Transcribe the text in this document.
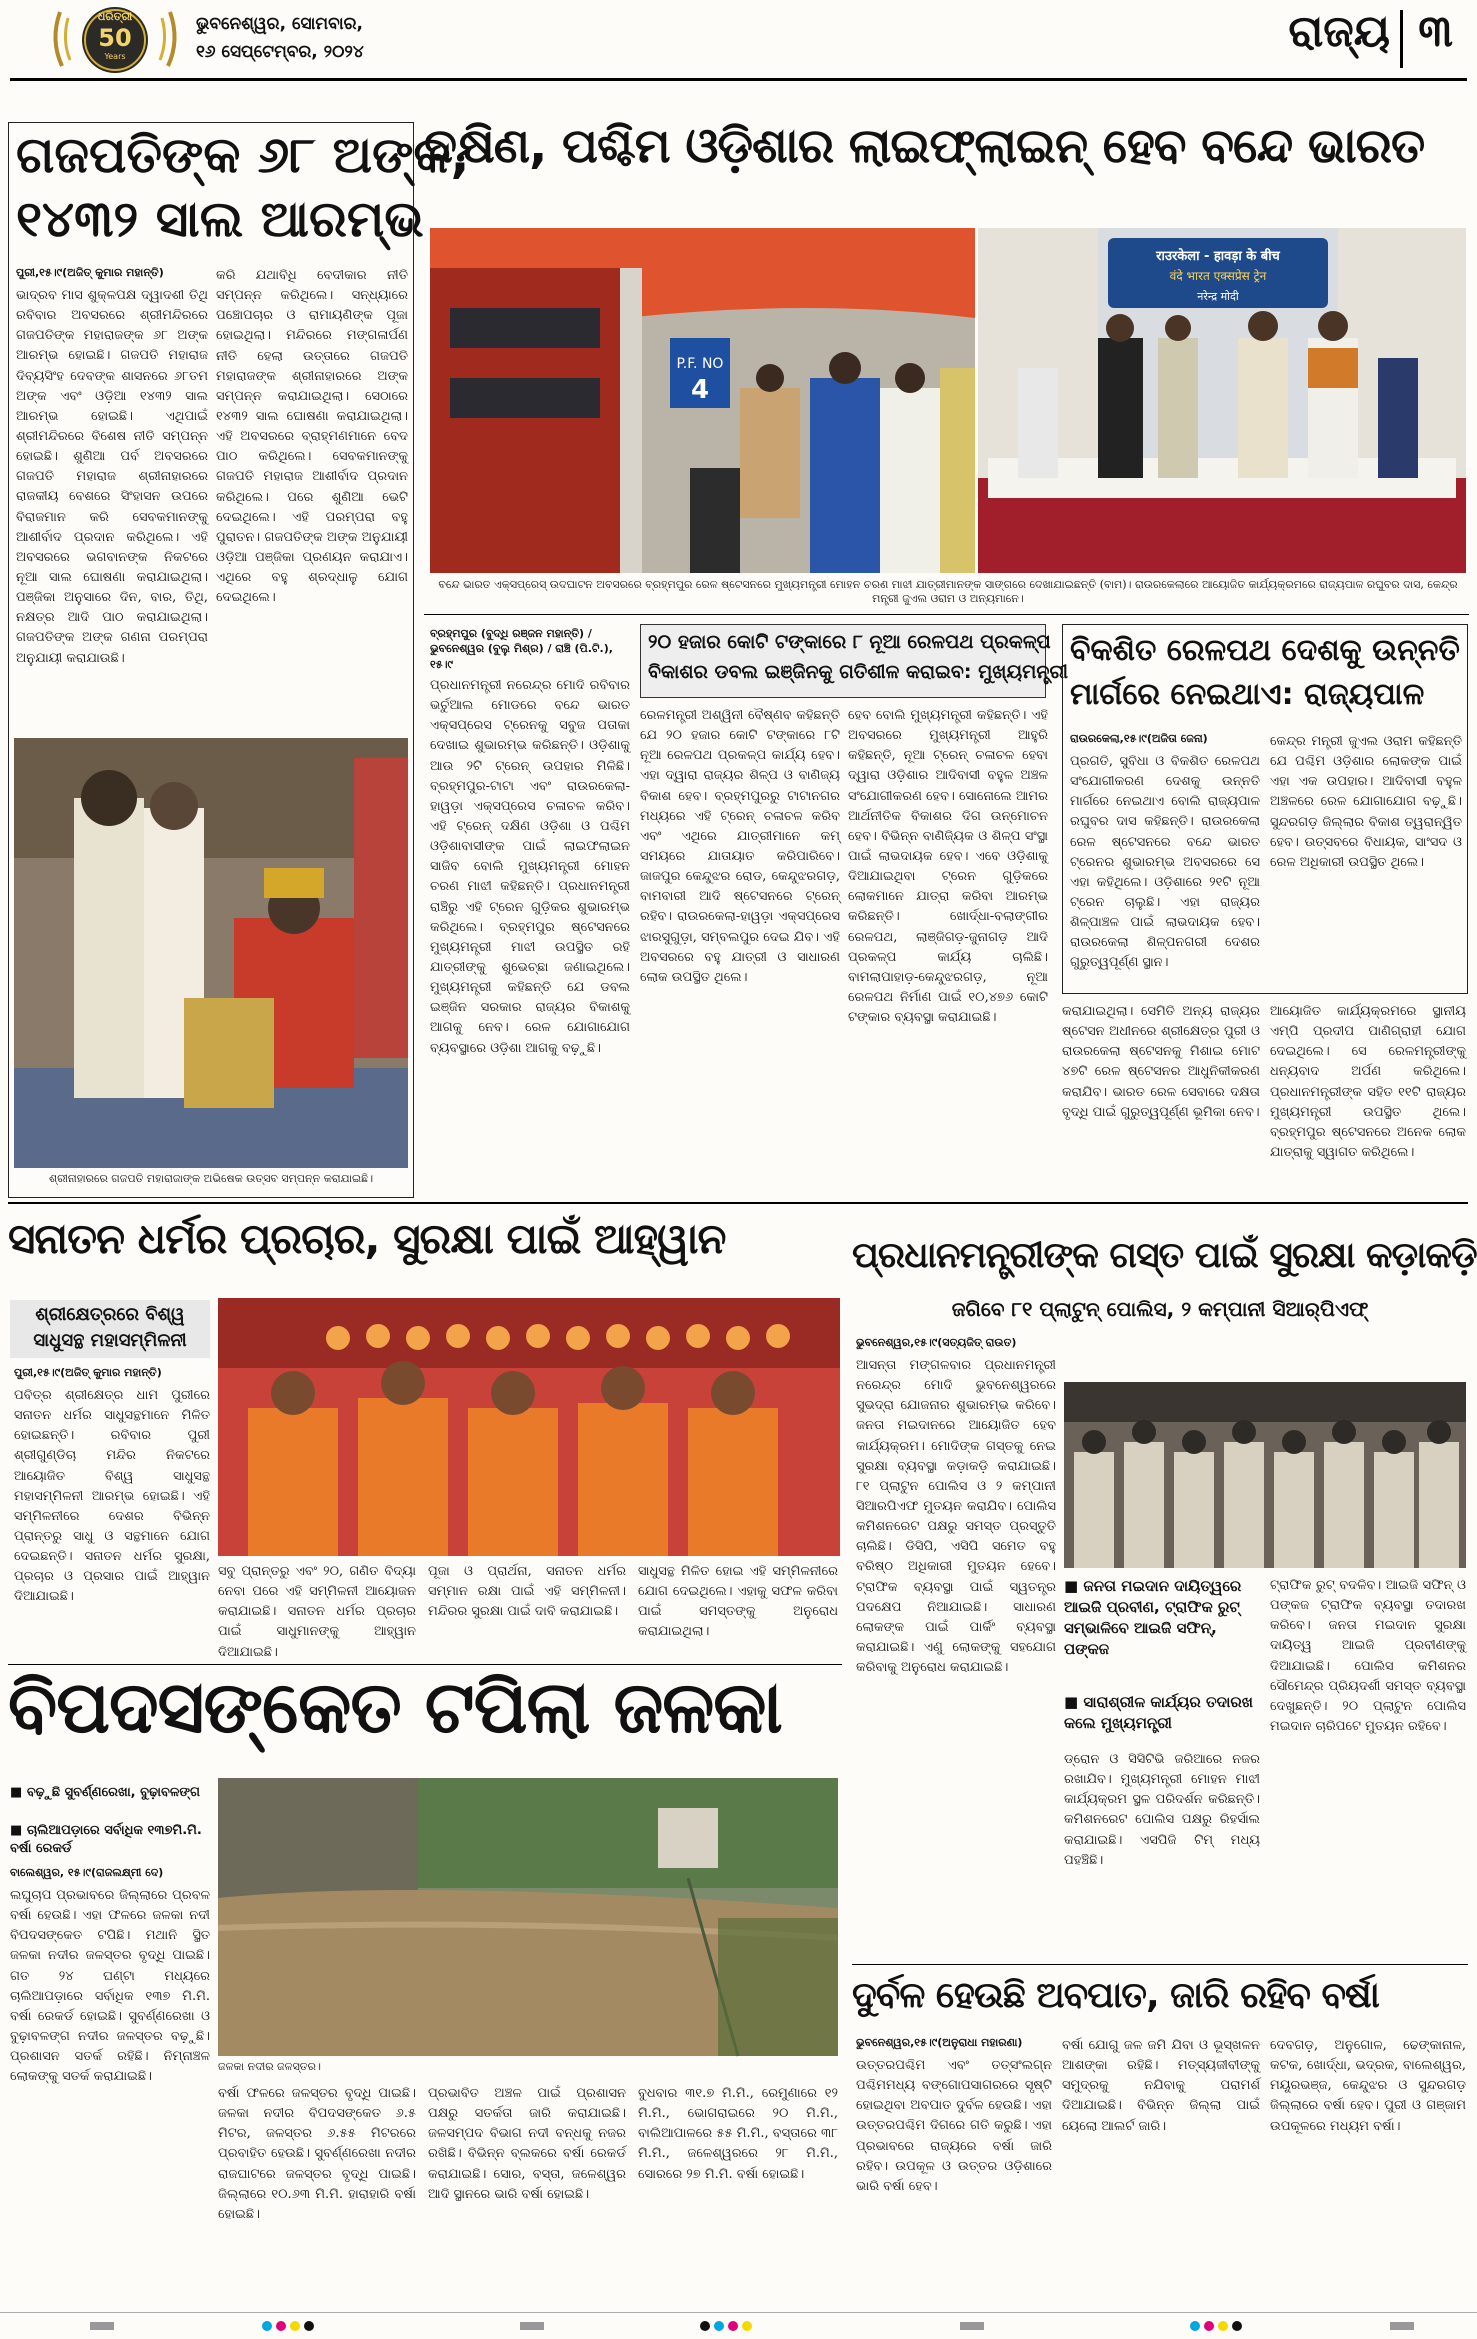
ଧରିତ୍ରୀ
50
Years
ଭୁବନେଶ୍ୱର, ସୋମବାର,
୧୬ ସେପ୍ଟେମ୍ବର, ୨୦୨୪	ରାଜ୍ୟ ୩
ଗଜପତିଙ୍କ ୬୮ ଅଙ୍କ,
୧୪୩୨ ସାଲ ଆରମ୍ଭ
ପୁରୀ,୧୫।୯(ଅଜିତ୍ କୁମାର ମହାନ୍ତି)
ଭାଦ୍ରବ ମାସ ଶୁକ୍ଳପକ୍ଷ ଦ୍ୱାଦଶୀ ତିଥି ରବିବାର ଅବସରରେ ଶ୍ରୀମନ୍ଦିରରେ ଗଜପତିଙ୍କ ମହାରାଜଙ୍କ ୬୮ ଅଙ୍କ ଆରମ୍ଭ ହୋଇଛି। ଗଜପତି ମହାରାଜ ଦିବ୍ୟସିଂହ ଦେବଙ୍କ ଶାସନରେ ୬୮ତମ ଅଙ୍କ ଏବଂ ଓଡ଼ିଆ ୧୪୩୨ ସାଲ ଆରମ୍ଭ ହୋଇଛି। ଏଥିପାଇଁ ଶ୍ରୀମନ୍ଦିରରେ ବିଶେଷ ନୀତି ସମ୍ପନ୍ନ ହୋଇଛି। ଶୁଣିଆ ପର୍ବ ଅବସରରେ ଗଜପତି ମହାରାଜ ଶ୍ରୀନାହାରରେ ରାଜକୀୟ ବେଶରେ ସିଂହାସନ ଉପରେ ବିରାଜମାନ କରି ସେବକମାନଙ୍କୁ ଆଶୀର୍ବାଦ ପ୍ରଦାନ କରିଥିଲେ। ଏହି ଅବସରରେ ଭଗବାନଙ୍କ ନିକଟରେ ନୂଆ ସାଲ ଘୋଷଣା କରାଯାଇଥିଲା। ପଞ୍ଜିକା ଅନୁସାରେ ଦିନ, ବାର, ତିଥି, ନକ୍ଷତ୍ର ଆଦି ପାଠ କରାଯାଇଥିଲା। ଗଜପତିଙ୍କ ଅଙ୍କ ଗଣନା ପରମ୍ପରା ଅନୁଯାୟୀ କରାଯାଉଛି।
କରି ଯଥାବିଧି ବେଦୀକାର ନୀତି ସମ୍ପନ୍ନ କରିଥିଲେ। ସନ୍ଧ୍ୟାରେ ପଞ୍ଚୋପଚାର ଓ ରାମାୟଣିଙ୍କ ପୂଜା ହୋଇଥିଲା। ମନ୍ଦିରରେ ମଙ୍ଗଳାର୍ପଣ ନୀତି ହେଲା ଉତ୍ତାରେ ଗଜପତି ମହାରାଜଙ୍କ ଶ୍ରୀନାହାରରେ ଅଙ୍କ ସମ୍ପନ୍ନ କରାଯାଇଥିଲା। ସେଠାରେ ୧୪୩୨ ସାଲ ଘୋଷଣା କରାଯାଇଥିଲା। ଏହି ଅବସରରେ ବ୍ରାହ୍ମଣମାନେ ବେଦ ପାଠ କରିଥିଲେ। ସେବକମାନଙ୍କୁ ଗଜପତି ମହାରାଜ ଆଶୀର୍ବାଦ ପ୍ରଦାନ କରିଥିଲେ। ପରେ ଶୁଣିଆ ଭେଟି ଦେଇଥିଲେ। ଏହି ପରମ୍ପରା ବହୁ ପୁରାତନ। ଗଜପତିଙ୍କ ଅଙ୍କ ଅନୁଯାୟୀ ଓଡ଼ିଆ ପଞ୍ଜିକା ପ୍ରଣୟନ କରାଯାଏ। ଏଥିରେ ବହୁ ଶ୍ରଦ୍ଧାଳୁ ଯୋଗ ଦେଇଥିଲେ।
ଶ୍ରୀନାହାରରେ ଗଜପତି ମହାରାଜାଙ୍କ ଅଭିଷେକ ଉତ୍ସବ ସମ୍ପନ୍ନ କରାଯାଇଛି।
ଦକ୍ଷିଣ, ପଶ୍ଚିମ ଓଡ଼ିଶାର ଲାଇଫ୍‌ଲାଇନ୍ ହେବ ବନ୍ଦେ ଭାରତ
P.F. NO
4
राउरकेला - हावड़ा के बीच
वंदे भारत एक्सप्रेस ट्रेन
नरेन्द्र मोदी
ବନ୍ଦେ ଭାରତ ଏକ୍ସପ୍ରେସ୍ ଉଦଘାଟନ ଅବସରରେ ବ୍ରହ୍ମପୁର ରେଳ ଷ୍ଟେସନରେ ମୁଖ୍ୟମନ୍ତ୍ରୀ ମୋହନ ଚରଣ ମାଝୀ ଯାତ୍ରୀମାନଙ୍କ ସାଙ୍ଗରେ ଦେଖାଯାଇଛନ୍ତି (ବାମ)। ରାଉରକେଲାରେ ଆୟୋଜିତ କାର୍ଯ୍ୟକ୍ରମରେ ରାଜ୍ୟପାଳ ରଘୁବର ଦାସ, କେନ୍ଦ୍ର ମନ୍ତ୍ରୀ ଜୁଏଲ ଓରାମ ଓ ଅନ୍ୟମାନେ।
ବ୍ରହ୍ମପୁର (ବୁଦ୍ଧି ରଞ୍ଜନ ମହାନ୍ତି) / ଭୁବନେଶ୍ୱର (ବୁଲୁ ମିଶ୍ର) / ରାଞ୍ଚି (ପି.ଟି.), ୧୫।୯
୨୦ ହଜାର କୋଟି ଟଙ୍କାରେ ୮ ନୂଆ ରେଳପଥ ପ୍ରକଳ୍ପ
ବିକାଶର ଡବଲ ଇଞ୍ଜିନକୁ ଗତିଶୀଳ କରାଇବ: ମୁଖ୍ୟମନ୍ତ୍ରୀ
ପ୍ରଧାନମନ୍ତ୍ରୀ ନରେନ୍ଦ୍ର ମୋଦି ରବିବାର ଭର୍ଚୁଆଲ ମୋଡରେ ବନ୍ଦେ ଭାରତ ଏକ୍ସପ୍ରେସ ଟ୍ରେନକୁ ସବୁଜ ପତାକା ଦେଖାଇ ଶୁଭାରମ୍ଭ କରିଛନ୍ତି। ଓଡ଼ିଶାକୁ ଆଉ ୨ଟି ଟ୍ରେନ୍ ଉପହାର ମିଳିଛି। ବ୍ରହ୍ମପୁର-ଟାଟା ଏବଂ ରାଉରକେଲା-ହାୱଡ଼ା ଏକ୍ସପ୍ରେସ ଚଳାଚଳ କରିବ। ଏହି ଟ୍ରେନ୍ ଦକ୍ଷିଣ ଓଡ଼ିଶା ଓ ପଶ୍ଚିମ ଓଡ଼ିଶାବାସୀଙ୍କ ପାଇଁ ଲାଇଫଲାଇନ ସାଜିବ ବୋଲି ମୁଖ୍ୟମନ୍ତ୍ରୀ ମୋହନ ଚରଣ ମାଝୀ କହିଛନ୍ତି। ପ୍ରଧାନମନ୍ତ୍ରୀ ରାଞ୍ଚିରୁ ଏହି ଟ୍ରେନ ଗୁଡ଼ିକର ଶୁଭାରମ୍ଭ କରିଥିଲେ। ବ୍ରହ୍ମପୁର ଷ୍ଟେସନରେ ମୁଖ୍ୟମନ୍ତ୍ରୀ ମାଝୀ ଉପସ୍ଥିତ ରହି ଯାତ୍ରୀଙ୍କୁ ଶୁଭେଚ୍ଛା ଜଣାଇଥିଲେ। ମୁଖ୍ୟମନ୍ତ୍ରୀ କହିଛନ୍ତି ଯେ ଡବଲ ଇଞ୍ଜିନ ସରକାର ରାଜ୍ୟର ବିକାଶକୁ ଆଗକୁ ନେବ। ରେଳ ଯୋଗାଯୋଗ ବ୍ୟବସ୍ଥାରେ ଓଡ଼ିଶା ଆଗକୁ ବଢ଼ୁଛି।
ରେଳମନ୍ତ୍ରୀ ଅଶ୍ୱିନୀ ବୈଷ୍ଣବ କହିଛନ୍ତି ଯେ ୨୦ ହଜାର କୋଟି ଟଙ୍କାରେ ୮ଟି ନୂଆ ରେଳପଥ ପ୍ରକଳ୍ପ କାର୍ଯ୍ୟ ହେବ। ଏହା ଦ୍ୱାରା ରାଜ୍ୟର ଶିଳ୍ପ ଓ ବାଣିଜ୍ୟ ବିକାଶ ହେବ। ବ୍ରହ୍ମପୁରରୁ ଟାଟାନଗର ମଧ୍ୟରେ ଏହି ଟ୍ରେନ୍ ଚଳାଚଳ କରିବ ଏବଂ ଏଥିରେ ଯାତ୍ରୀମାନେ କମ୍ ସମୟରେ ଯାତାୟାତ କରିପାରିବେ। ଜାଜପୁର କେନ୍ଦୁଝର ରୋଡ, କେନ୍ଦୁଝରଗଡ଼, ବାମବାରୀ ଆଦି ଷ୍ଟେସନରେ ଟ୍ରେନ୍ ରହିବ। ରାଉରକେଲା-ହାୱଡ଼ା ଏକ୍ସପ୍ରେସ ଝାରସୁଗୁଡ଼ା, ସମ୍ବଲପୁର ଦେଇ ଯିବ। ଏହି ଅବସରରେ ବହୁ ଯାତ୍ରୀ ଓ ସାଧାରଣ ଲୋକ ଉପସ୍ଥିତ ଥିଲେ।
ହେବ ବୋଲି ମୁଖ୍ୟମନ୍ତ୍ରୀ କହିଛନ୍ତି। ଏହି ଅବସରରେ ମୁଖ୍ୟମନ୍ତ୍ରୀ ଆହୁରି କହିଛନ୍ତି, ନୂଆ ଟ୍ରେନ୍ ଚଳାଚଳ ହେବା ଦ୍ୱାରା ଓଡ଼ିଶାର ଆଦିବାସୀ ବହୁଳ ଅଞ୍ଚଳ ସଂଯୋଗୀକରଣ ହେବ। ସୋନୋଲେ ଆମର ଆର୍ଥନୀତିକ ବିକାଶର ଦିଗ ଉନ୍ମୋଚନ ହେବ। ବିଭିନ୍ନ ବାଣିଜ୍ୟିକ ଓ ଶିଳ୍ପ ସଂସ୍ଥା ପାଇଁ ଲାଭଦାୟକ ହେବ। ଏବେ ଓଡ଼ିଶାକୁ ଦିଆଯାଇଥିବା ଟ୍ରେନ ଗୁଡ଼ିକରେ ଲୋକମାନେ ଯାତ୍ରା କରିବା ଆରମ୍ଭ କରିଛନ୍ତି। ଖୋର୍ଦ୍ଧା-ବଲାଙ୍ଗୀର ରେଳପଥ, ଲାଞ୍ଜିଗଡ଼-ଜୁନାଗଡ଼ ଆଦି ପ୍ରକଳ୍ପ କାର୍ଯ୍ୟ ଚାଲିଛି। ବାମଲାପାହାଡ଼-କେନ୍ଦୁଝରଗଡ଼, ନୂଆ ରେଳପଥ ନିର୍ମାଣ ପାଇଁ ୧୦,୪୭୬ କୋଟି ଟଙ୍କାର ବ୍ୟବସ୍ଥା କରାଯାଇଛି।
ବିକଶିତ ରେଳପଥ ଦେଶକୁ ଉନ୍ନତି
ମାର୍ଗରେ ନେଇଥାଏ: ରାଜ୍ୟପାଳ
ରାଉରକେଲା,୧୫।୯(ଅଜିତା ଜେନା)
ପ୍ରଗତି, ସୁବିଧା ଓ ବିକଶିତ ରେଳପଥ ସଂଯୋଗୀକରଣ ଦେଶକୁ ଉନ୍ନତି ମାର୍ଗରେ ନେଇଥାଏ ବୋଲି ରାଜ୍ୟପାଳ ରଘୁବର ଦାସ କହିଛନ୍ତି। ରାଉରକେଲା ରେଳ ଷ୍ଟେସନରେ ବନ୍ଦେ ଭାରତ ଟ୍ରେନର ଶୁଭାରମ୍ଭ ଅବସରରେ ସେ ଏହା କହିଥିଲେ। ଓଡ଼ିଶାରେ ୨୧ଟି ନୂଆ ଟ୍ରେନ ଚାଲୁଛି। ଏହା ରାଜ୍ୟର ଶିଳ୍ପାଞ୍ଚଳ ପାଇଁ ଲାଭଦାୟକ ହେବ। ରାଉରକେଲା ଶିଳ୍ପନଗରୀ ଦେଶର ଗୁରୁତ୍ୱପୂର୍ଣ୍ଣ ସ୍ଥାନ।
କେନ୍ଦ୍ର ମନ୍ତ୍ରୀ ଜୁଏଲ ଓରାମ କହିଛନ୍ତି ଯେ ପଶ୍ଚିମ ଓଡ଼ିଶାର ଲୋକଙ୍କ ପାଇଁ ଏହା ଏକ ଉପହାର। ଆଦିବାସୀ ବହୁଳ ଅଞ୍ଚଳରେ ରେଳ ଯୋଗାଯୋଗ ବଢ଼ୁଛି। ସୁନ୍ଦରଗଡ଼ ଜିଲ୍ଲାର ବିକାଶ ତ୍ୱରାନ୍ୱିତ ହେବ। ଉତ୍ସବରେ ବିଧାୟକ, ସାଂସଦ ଓ ରେଳ ଅଧିକାରୀ ଉପସ୍ଥିତ ଥିଲେ।
କରାଯାଇଥିଲା। ସେମିତି ଅନ୍ୟ ରାଜ୍ୟର ଷ୍ଟେସନ ଅଧୀନରେ ଶ୍ରୀକ୍ଷେତ୍ର ପୁରୀ ଓ ରାଉରକେଲା ଷ୍ଟେସନକୁ ମିଶାଇ ମୋଟ ୪୭ଟି ରେଳ ଷ୍ଟେସନର ଆଧୁନିକୀକରଣ କରାଯିବ। ଭାରତ ରେଳ ସେବାରେ ଦକ୍ଷତା ବୃଦ୍ଧି ପାଇଁ ଗୁରୁତ୍ୱପୂର୍ଣ୍ଣ ଭୂମିକା ନେବ।
ଆୟୋଜିତ କାର୍ଯ୍ୟକ୍ରମରେ ସ୍ଥାନୀୟ ଏମ୍‌ପି ପ୍ରଦୀପ ପାଣିଗ୍ରାହୀ ଯୋଗ ଦେଇଥିଲେ। ସେ ରେଳମନ୍ତ୍ରୀଙ୍କୁ ଧନ୍ୟବାଦ ଅର୍ପଣ କରିଥିଲେ। ପ୍ରଧାନମନ୍ତ୍ରୀଙ୍କ ସହିତ ୧୧ଟି ରାଜ୍ୟର ମୁଖ୍ୟମନ୍ତ୍ରୀ ଉପସ୍ଥିତ ଥିଲେ। ବ୍ରହ୍ମପୁର ଷ୍ଟେସନରେ ଅନେକ ଲୋକ ଯାତ୍ରାକୁ ସ୍ୱାଗତ କରିଥିଲେ।
ସନାତନ ଧର୍ମର ପ୍ରଚାର, ସୁରକ୍ଷା ପାଇଁ ଆହ୍ୱାନ
ଶ୍ରୀକ୍ଷେତ୍ରରେ ବିଶ୍ୱ
ସାଧୁସନ୍ଥ ମହାସମ୍ମିଳନୀ
ପୁରୀ,୧୫।୯(ଅଜିତ୍ କୁମାର ମହାନ୍ତି)
ପବିତ୍ର ଶ୍ରୀକ୍ଷେତ୍ର ଧାମ ପୁରୀରେ ସନାତନ ଧର୍ମର ସାଧୁସନ୍ଥମାନେ ମିଳିତ ହୋଇଛନ୍ତି। ରବିବାର ପୁରୀ ଶ୍ରୀଗୁଣ୍ଡିଚା ମନ୍ଦିର ନିକଟରେ ଆୟୋଜିତ ବିଶ୍ୱ ସାଧୁସନ୍ଥ ମହାସମ୍ମିଳନୀ ଆରମ୍ଭ ହୋଇଛି। ଏହି ସମ୍ମିଳନୀରେ ଦେଶର ବିଭିନ୍ନ ପ୍ରାନ୍ତରୁ ସାଧୁ ଓ ସନ୍ଥମାନେ ଯୋଗ ଦେଇଛନ୍ତି। ସନାତନ ଧର୍ମର ସୁରକ୍ଷା, ପ୍ରଚାର ଓ ପ୍ରସାର ପାଇଁ ଆହ୍ୱାନ ଦିଆଯାଇଛି।
ସବୁ ପ୍ରାନ୍ତରୁ ଏବଂ ୨୦, ଗଣିତ ବିଦ୍ୟା ନେବା ପରେ ଏହି ସମ୍ମିଳନୀ ଆୟୋଜନ କରାଯାଇଛି। ସନାତନ ଧର୍ମର ପ୍ରଚାର ପାଇଁ ସାଧୁମାନଙ୍କୁ ଆହ୍ୱାନ ଦିଆଯାଇଛି।
ପୂଜା ଓ ପ୍ରାର୍ଥନା, ସନାତନ ଧର୍ମର ସମ୍ମାନ ରକ୍ଷା ପାଇଁ ଏହି ସମ୍ମିଳନୀ। ମନ୍ଦିରର ସୁରକ୍ଷା ପାଇଁ ଦାବି କରାଯାଇଛି।
ସାଧୁସନ୍ଥ ମିଳିତ ହୋଇ ଏହି ସମ୍ମିଳନୀରେ ଯୋଗ ଦେଇଥିଲେ। ଏହାକୁ ସଫଳ କରିବା ପାଇଁ ସମସ୍ତଙ୍କୁ ଅନୁରୋଧ କରାଯାଇଥିଲା।
ପ୍ରଧାନମନ୍ତ୍ରୀଙ୍କ ଗସ୍ତ ପାଇଁ ସୁରକ୍ଷା କଡ଼ାକଡ଼ି
ଜଗିବେ ୮୧ ପ୍ଲାଟୁନ୍ ପୋଲିସ, ୨ କମ୍ପାନୀ ସିଆର୍‌ପିଏଫ୍
ଭୁବନେଶ୍ୱର,୧୫।୯(ସତ୍ୟଜିତ୍ ରାଉତ)
ଆସନ୍ତା ମଙ୍ଗଳବାର ପ୍ରଧାନମନ୍ତ୍ରୀ ନରେନ୍ଦ୍ର ମୋଦି ଭୁବନେଶ୍ୱରରେ ସୁଭଦ୍ରା ଯୋଜନାର ଶୁଭାରମ୍ଭ କରିବେ। ଜନତା ମଇଦାନରେ ଆୟୋଜିତ ହେବ କାର୍ଯ୍ୟକ୍ରମ। ମୋଦିଙ୍କ ଗସ୍ତକୁ ନେଇ ସୁରକ୍ଷା ବ୍ୟବସ୍ଥା କଡ଼ାକଡ଼ି କରାଯାଇଛି। ୮୧ ପ୍ଲାଟୁନ ପୋଲିସ ଓ ୨ କମ୍ପାନୀ ସିଆରପିଏଫ ମୁତୟନ କରାଯିବ। ପୋଲିସ କମିଶନରେଟ ପକ୍ଷରୁ ସମସ୍ତ ପ୍ରସ୍ତୁତି ଚାଲିଛି। ଡିସିପି, ଏସିପି ସମେତ ବହୁ ବରିଷ୍ଠ ଅଧିକାରୀ ମୁତୟନ ହେବେ। ଟ୍ରାଫିକ ବ୍ୟବସ୍ଥା ପାଇଁ ସ୍ୱତନ୍ତ୍ର ପଦକ୍ଷେପ ନିଆଯାଇଛି। ସାଧାରଣ ଲୋକଙ୍କ ପାଇଁ ପାର୍କିଂ ବ୍ୟବସ୍ଥା କରାଯାଇଛି। ଏଣୁ ଲୋକଙ୍କୁ ସହଯୋଗ କରିବାକୁ ଅନୁରୋଧ କରାଯାଇଛି।
■ ଜନତା ମଇଦାନ ଦାୟିତ୍ୱରେ ଆଇଜି ପ୍ରବୀଣ, ଟ୍ରାଫିକ ରୁଟ୍ ସମ୍ଭାଳିବେ ଆଇଜି ସଫିନ୍, ପଙ୍କଜ
■ ସାରାଶ୍ରୀଳ କାର୍ଯ୍ୟର ତଦାରଖ କଲେ ମୁଖ୍ୟମନ୍ତ୍ରୀ
ଡ୍ରୋନ ଓ ସିସିଟିଭି ଜରିଆରେ ନଜର ରଖାଯିବ। ମୁଖ୍ୟମନ୍ତ୍ରୀ ମୋହନ ମାଝୀ କାର୍ଯ୍ୟକ୍ରମ ସ୍ଥଳ ପରିଦର୍ଶନ କରିଛନ୍ତି। କମିଶନରେଟ ପୋଲିସ ପକ୍ଷରୁ ରିହର୍ସାଲ କରାଯାଇଛି। ଏସପିଜି ଟିମ୍ ମଧ୍ୟ ପହଞ୍ଚିଛି।
ଟ୍ରାଫିକ ରୁଟ୍ ବଦଳିବ। ଆଇଜି ସଫିନ୍ ଓ ପଙ୍କଜ ଟ୍ରାଫିକ ବ୍ୟବସ୍ଥା ତଦାରଖ କରିବେ। ଜନତା ମଇଦାନ ସୁରକ୍ଷା ଦାୟିତ୍ୱ ଆଇଜି ପ୍ରବୀଣଙ୍କୁ ଦିଆଯାଇଛି। ପୋଲିସ କମିଶନର ସୌମେନ୍ଦ୍ର ପ୍ରିୟଦର୍ଶୀ ସମସ୍ତ ବ୍ୟବସ୍ଥା ଦେଖୁଛନ୍ତି। ୨୦ ପ୍ଲାଟୁନ ପୋଲିସ ମଇଦାନ ଚାରିପଟେ ମୁତୟନ ରହିବେ।
ବିପଦସଙ୍କେତ ଟପିଲା ଜଳକା
■ ବଢ଼ୁଛି ସୁବର୍ଣ୍ଣରେଖା, ବୁଢ଼ାବଳଙ୍ଗ
■ ଚାଲିଆପଡ଼ାରେ ସର୍ବାଧିକ ୧୩୭ମି.ମି. ବର୍ଷା ରେକର୍ଡ
ବାଲେଶ୍ୱର, ୧୫।୯(ରାଜଲକ୍ଷ୍ମୀ ଦେ)
ଲଘୁଚାପ ପ୍ରଭାବରେ ଜିଲ୍ଲାରେ ପ୍ରବଳ ବର୍ଷା ହେଉଛି। ଏହା ଫଳରେ ଜଳକା ନଦୀ ବିପଦସଙ୍କେତ ଟପିଛି। ମଥାନି ସ୍ଥିତ ଜଳକା ନଦୀର ଜଳସ୍ତର ବୃଦ୍ଧି ପାଇଛି। ଗତ ୨୪ ଘଣ୍ଟା ମଧ୍ୟରେ ଚାଲିଆପଡ଼ାରେ ସର୍ବାଧିକ ୧୩୭ ମି.ମି. ବର୍ଷା ରେକର୍ଡ ହୋଇଛି। ସୁବର୍ଣ୍ଣରେଖା ଓ ବୁଢ଼ାବଳଙ୍ଗ ନଦୀର ଜଳସ୍ତର ବଢ଼ୁଛି। ପ୍ରଶାସନ ସତର୍କ ରହିଛି। ନିମ୍ନାଞ୍ଚଳ ଲୋକଙ୍କୁ ସତର୍କ କରାଯାଇଛି।
ଜଳକା ନଦୀର ଜଳସ୍ତର।
ବର୍ଷା ଫଳରେ ଜଳସ୍ତର ବୃଦ୍ଧି ପାଇଛି। ଜଳକା ନଦୀର ବିପଦସଙ୍କେତ ୬.୫ ମିଟର, ଜଳସ୍ତର ୬.୫୫ ମିଟରରେ ପ୍ରବାହିତ ହେଉଛି। ସୁବର୍ଣ୍ଣରେଖା ନଦୀର ରାଜଘାଟରେ ଜଳସ୍ତର ବୃଦ୍ଧି ପାଇଛି। ଜିଲ୍ଲାରେ ୧୦.୬୩ ମି.ମି. ହାରାହାରି ବର୍ଷା ହୋଇଛି।
ପ୍ରଭାବିତ ଅଞ୍ଚଳ ପାଇଁ ପ୍ରଶାସନ ପକ୍ଷରୁ ସତର୍କତା ଜାରି କରାଯାଇଛି। ଜଳସମ୍ପଦ ବିଭାଗ ନଦୀ ବନ୍ଧକୁ ନଜର ରଖିଛି। ବିଭିନ୍ନ ବ୍ଲକରେ ବର୍ଷା ରେକର୍ଡ କରାଯାଇଛି। ସୋର, ବସ୍ତା, ଜଳେଶ୍ୱର ଆଦି ସ୍ଥାନରେ ଭାରି ବର୍ଷା ହୋଇଛି।
ବୁଧବାର ୩୧.୭ ମି.ମି., ରେମୁଣାରେ ୧୨ ମି.ମି., ଭୋଗରାଇରେ ୨୦ ମି.ମି., ବାଲିଆପାଳରେ ୫୫ ମି.ମି., ବସ୍ତାରେ ୩୮ ମି.ମି., ଜଳେଶ୍ୱରରେ ୨୮ ମି.ମି., ସୋରରେ ୨୭ ମି.ମି. ବର୍ଷା ହୋଇଛି।
ଦୁର୍ବଳ ହେଉଛି ଅବପାତ, ଜାରି ରହିବ ବର୍ଷା
ଭୁବନେଶ୍ୱର,୧୫।୯(ଅନୁରାଧା ମହାରଣା)
ଉତ୍ତରପଶ୍ଚିମ ଏବଂ ତତ୍ସଂଲଗ୍ନ ପଶ୍ଚିମମଧ୍ୟ ବଙ୍ଗୋପସାଗରରେ ସୃଷ୍ଟି ହୋଇଥିବା ଅବପାତ ଦୁର୍ବଳ ହେଉଛି। ଏହା ଉତ୍ତରପଶ୍ଚିମ ଦିଗରେ ଗତି କରୁଛି। ଏହା ପ୍ରଭାବରେ ରାଜ୍ୟରେ ବର୍ଷା ଜାରି ରହିବ। ଉପକୂଳ ଓ ଉତ୍ତର ଓଡ଼ିଶାରେ ଭାରି ବର୍ଷା ହେବ।
ବର୍ଷା ଯୋଗୁ ଜଳ ଜମି ଯିବା ଓ ଭୂସ୍ଖଳନ ଆଶଙ୍କା ରହିଛି। ମତ୍ସ୍ୟଜୀବୀଙ୍କୁ ସମୁଦ୍ରକୁ ନଯିବାକୁ ପରାମର୍ଶ ଦିଆଯାଇଛି। ବିଭିନ୍ନ ଜିଲ୍ଲା ପାଇଁ ୟେଲୋ ଆଲର୍ଟ ଜାରି।
ଦେବଗଡ଼, ଅନୁଗୋଳ, ଢେଙ୍କାନାଳ, କଟକ, ଖୋର୍ଦ୍ଧା, ଭଦ୍ରକ, ବାଲେଶ୍ୱର, ମୟୂରଭଞ୍ଜ, କେନ୍ଦୁଝର ଓ ସୁନ୍ଦରଗଡ଼ ଜିଲ୍ଲାରେ ବର୍ଷା ହେବ। ପୁରୀ ଓ ଗଞ୍ଜାମ ଉପକୂଳରେ ମଧ୍ୟମ ବର୍ଷା।
